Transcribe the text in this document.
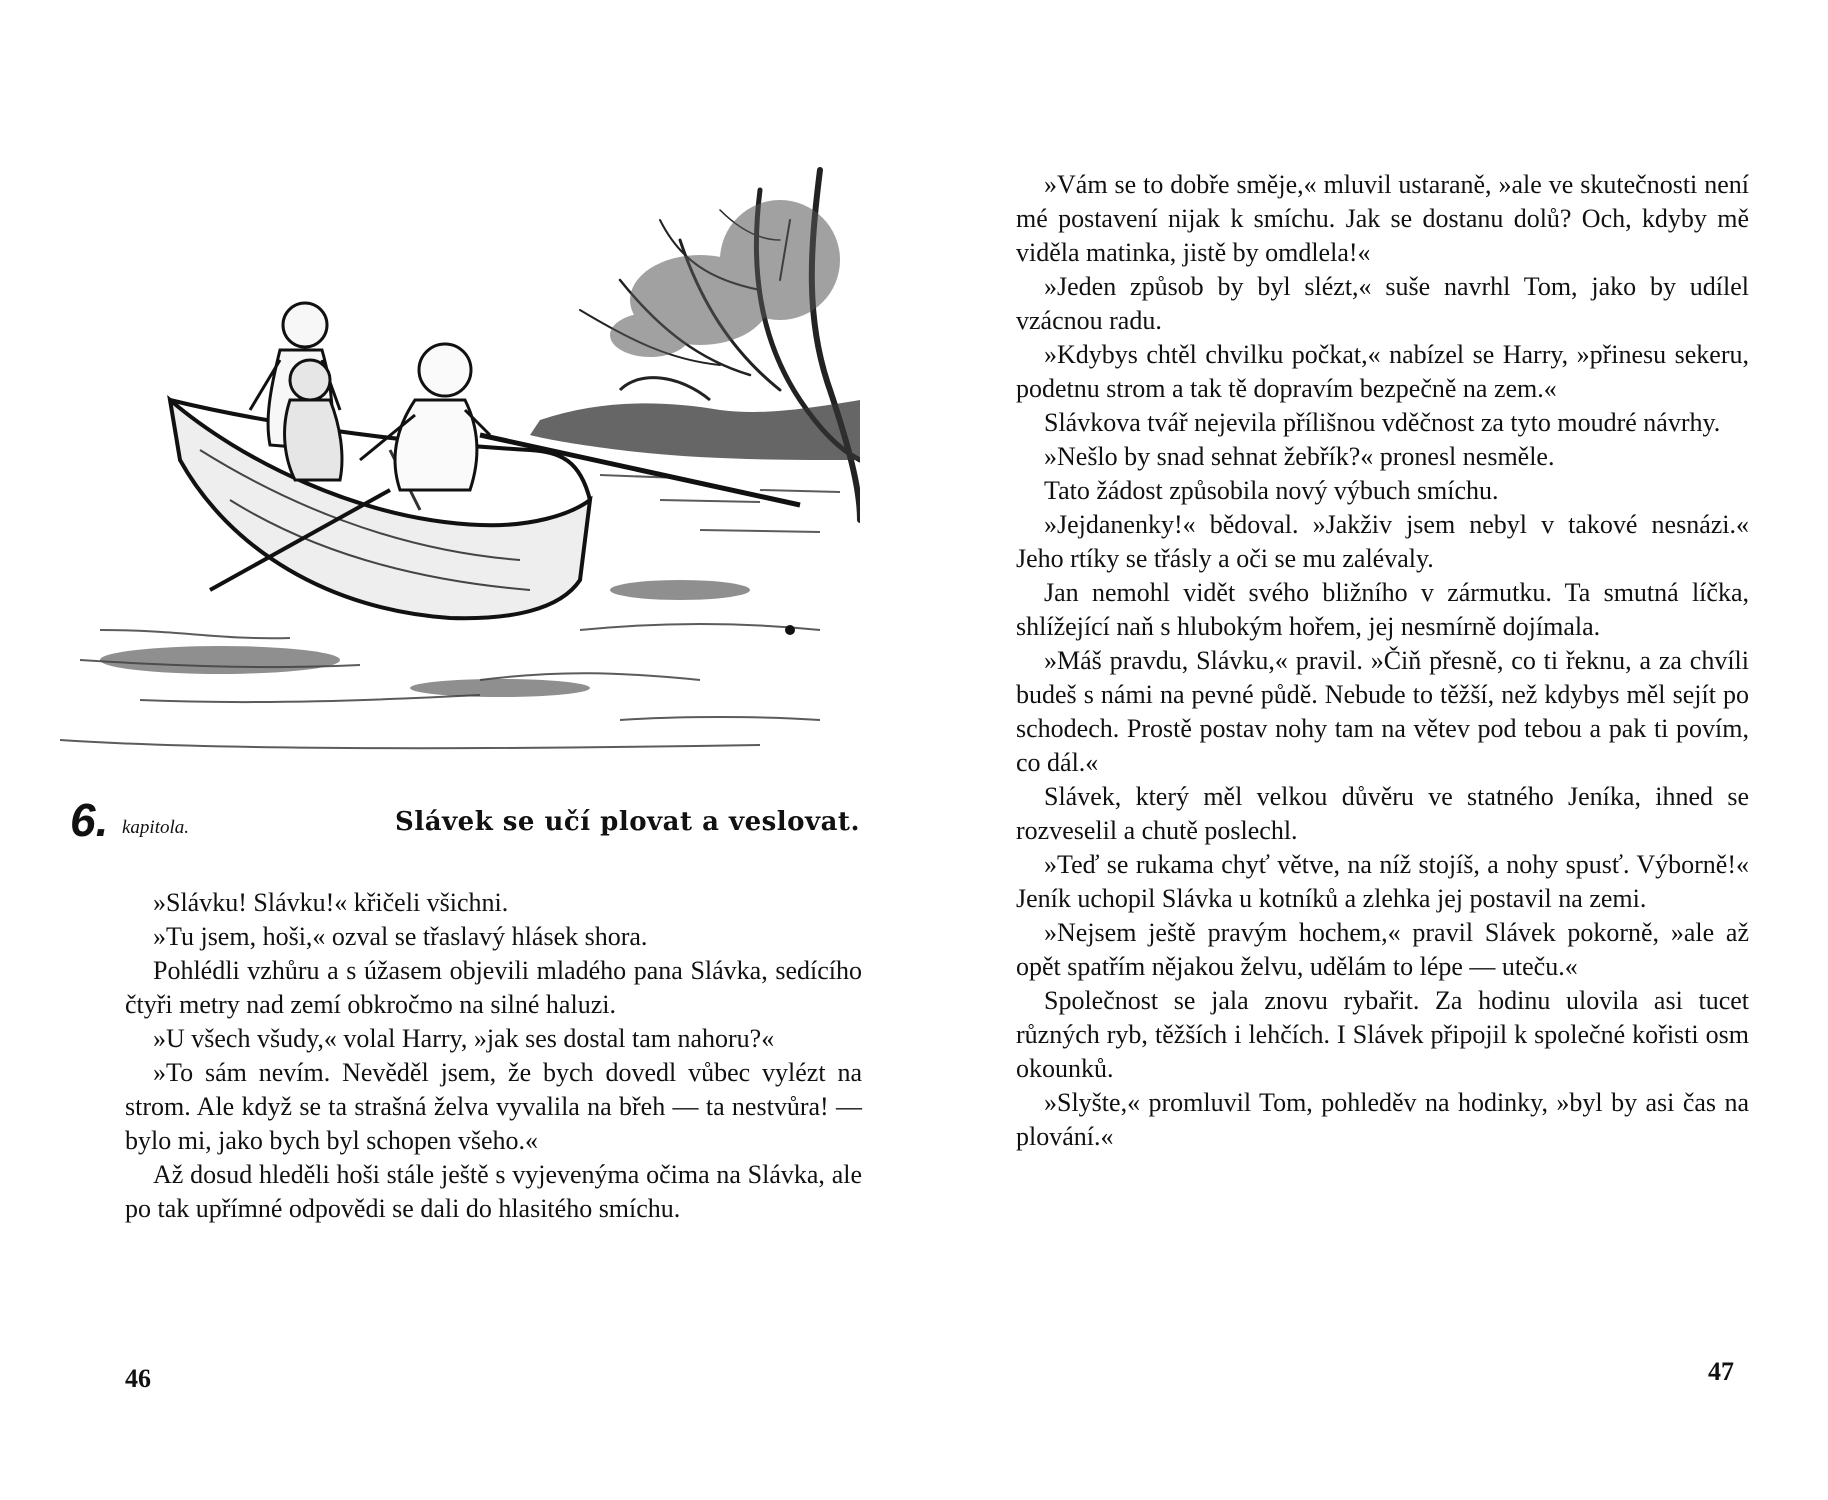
6. kapitola.	Slávek se učí plovat a veslovat.

»Slávku! Slávku!« křičeli všichni.

»Tu jsem, hoši,« ozval se třaslavý hlásek shora.

Pohlédli vzhůru a s úžasem objevili mladého pana Slávka, sedícího čtyři metry nad zemí obkročmo na silné haluzi.

»U všech všudy,« volal Harry, »jak ses dostal tam nahoru?«

»To sám nevím. Nevěděl jsem, že bych dovedl vůbec vylézt na strom. Ale když se ta strašná želva vyvalila na břeh — ta nestvůra! — bylo mi, jako bych byl schopen všeho.«

Až dosud hleděli hoši stále ještě s vyjevenýma očima na Slávka, ale po tak upřímné odpovědi se dali do hlasitého smíchu.

46

»Vám se to dobře směje,« mluvil ustaraně, »ale ve skutečnosti není mé postavení nijak k smíchu. Jak se dostanu dolů? Och, kdyby mě viděla matinka, jistě by omdlela!«

»Jeden způsob by byl slézt,« suše navrhl Tom, jako by udílel vzácnou radu.

»Kdybys chtěl chvilku počkat,« nabízel se Harry, »přinesu sekeru, podetnu strom a tak tě dopravím bezpečně na zem.«

Slávkova tvář nejevila přílišnou vděčnost za tyto moudré návrhy.

»Nešlo by snad sehnat žebřík?« pronesl nesměle.

Tato žádost způsobila nový výbuch smíchu.

»Jejdanenky!« bědoval. »Jakživ jsem nebyl v takové nesnázi.« Jeho rtíky se třásly a oči se mu zalévaly.

Jan nemohl vidět svého bližního v zármutku. Ta smutná líčka, shlížející naň s hlubokým hořem, jej nesmírně dojímala.

»Máš pravdu, Slávku,« pravil. »Čiň přesně, co ti řeknu, a za chvíli budeš s námi na pevné půdě. Nebude to těžší, než kdybys měl sejít po schodech. Prostě postav nohy tam na větev pod tebou a pak ti povím, co dál.«

Slávek, který měl velkou důvěru ve statného Jeníka, ihned se rozveselil a chutě poslechl.

»Teď se rukama chyť větve, na níž stojíš, a nohy spusť. Výborně!« Jeník uchopil Slávka u kotníků a zlehka jej postavil na zemi.

»Nejsem ještě pravým hochem,« pravil Slávek pokorně, »ale až opět spatřím nějakou želvu, udělám to lépe — uteču.«

Společnost se jala znovu rybařit. Za hodinu ulovila asi tucet různých ryb, těžších i lehčích. I Slávek připojil k společné kořisti osm okounků.

»Slyšte,« promluvil Tom, pohleděv na hodinky, »byl by asi čas na plování.«

47
